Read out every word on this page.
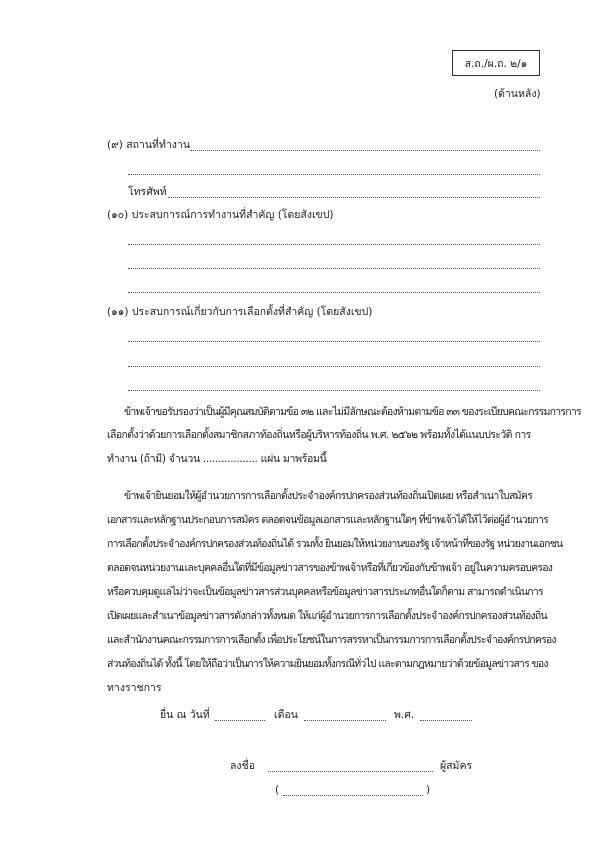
ส.ถ./ผ.ถ. ๒/๑
(ด้านหลัง)
(๙) สถานที่ทำงาน
โทรศัพท์
(๑๐) ประสบการณ์การทำงานที่สำคัญ (โดยสังเขป)
(๑๑) ประสบการณ์เกี่ยวกับการเลือกตั้งที่สำคัญ (โดยสังเขป)
ข้าพเจ้าขอรับรองว่าเป็นผู้มีคุณสมบัติตามข้อ ๓๒ และไม่มีลักษณะต้องห้ามตามข้อ ๓๓ ของระเบียบคณะกรรมการการ
เลือกตั้งว่าด้วยการเลือกตั้งสมาชิกสภาท้องถิ่นหรือผู้บริหารท้องถิ่น พ.ศ. ๒๕๖๒ พร้อมทั้งได้แนบประวัติ การ
ทำงาน (ถ้ามี) จำนวน .................. แผ่น มาพร้อมนี้
ข้าพเจ้ายินยอมให้ผู้อำนวยการการเลือกตั้งประจำองค์กรปกครองส่วนท้องถิ่นเปิดเผย หรือสำเนาใบสมัคร
เอกสารและหลักฐานประกอบการสมัคร ตลอดจนข้อมูลเอกสารและหลักฐานใดๆ ที่ข้าพเจ้าได้ให้ไว้ต่อผู้อำนวยการ
การเลือกตั้งประจำองค์กรปกครองส่วนท้องถิ่นได้ รวมทั้ง ยินยอมให้หน่วยงานของรัฐ เจ้าหน้าที่ของรัฐ หน่วยงานเอกชน
ตลอดจนหน่วยงานและบุคคลอื่นใดที่มีข้อมูลข่าวสารของข้าพเจ้าหรือที่เกี่ยวข้องกับข้าพเจ้า อยู่ในความครอบครอง
หรือควบคุมดูแลไม่ว่าจะเป็นข้อมูลข่าวสารส่วนบุคคลหรือข้อมูลข่าวสารประเภทอื่นใดก็ตาม สามารถดำเนินการ
เปิดเผยและสำเนาข้อมูลข่าวสารดังกล่าวทั้งหมด ให้แก่ผู้อำนวยการการเลือกตั้งประจำองค์กรปกครองส่วนท้องถิ่น
และสำนักงานคณะกรรมการการเลือกตั้ง เพื่อประโยชน์ในการสรรหาเป็นกรรมการการเลือกตั้งประจำองค์กรปกครอง
ส่วนท้องถิ่นได้ ทั้งนี้ โดยให้ถือว่าเป็นการให้ความยินยอมทั้งกรณีทั่วไป และตามกฎหมายว่าด้วยข้อมูลข่าวสาร ของ
ทางราชการ
ยื่น ณ วันที่	เดือน	พ.ศ.
ลงชื่อ	ผู้สมัคร
(	)
